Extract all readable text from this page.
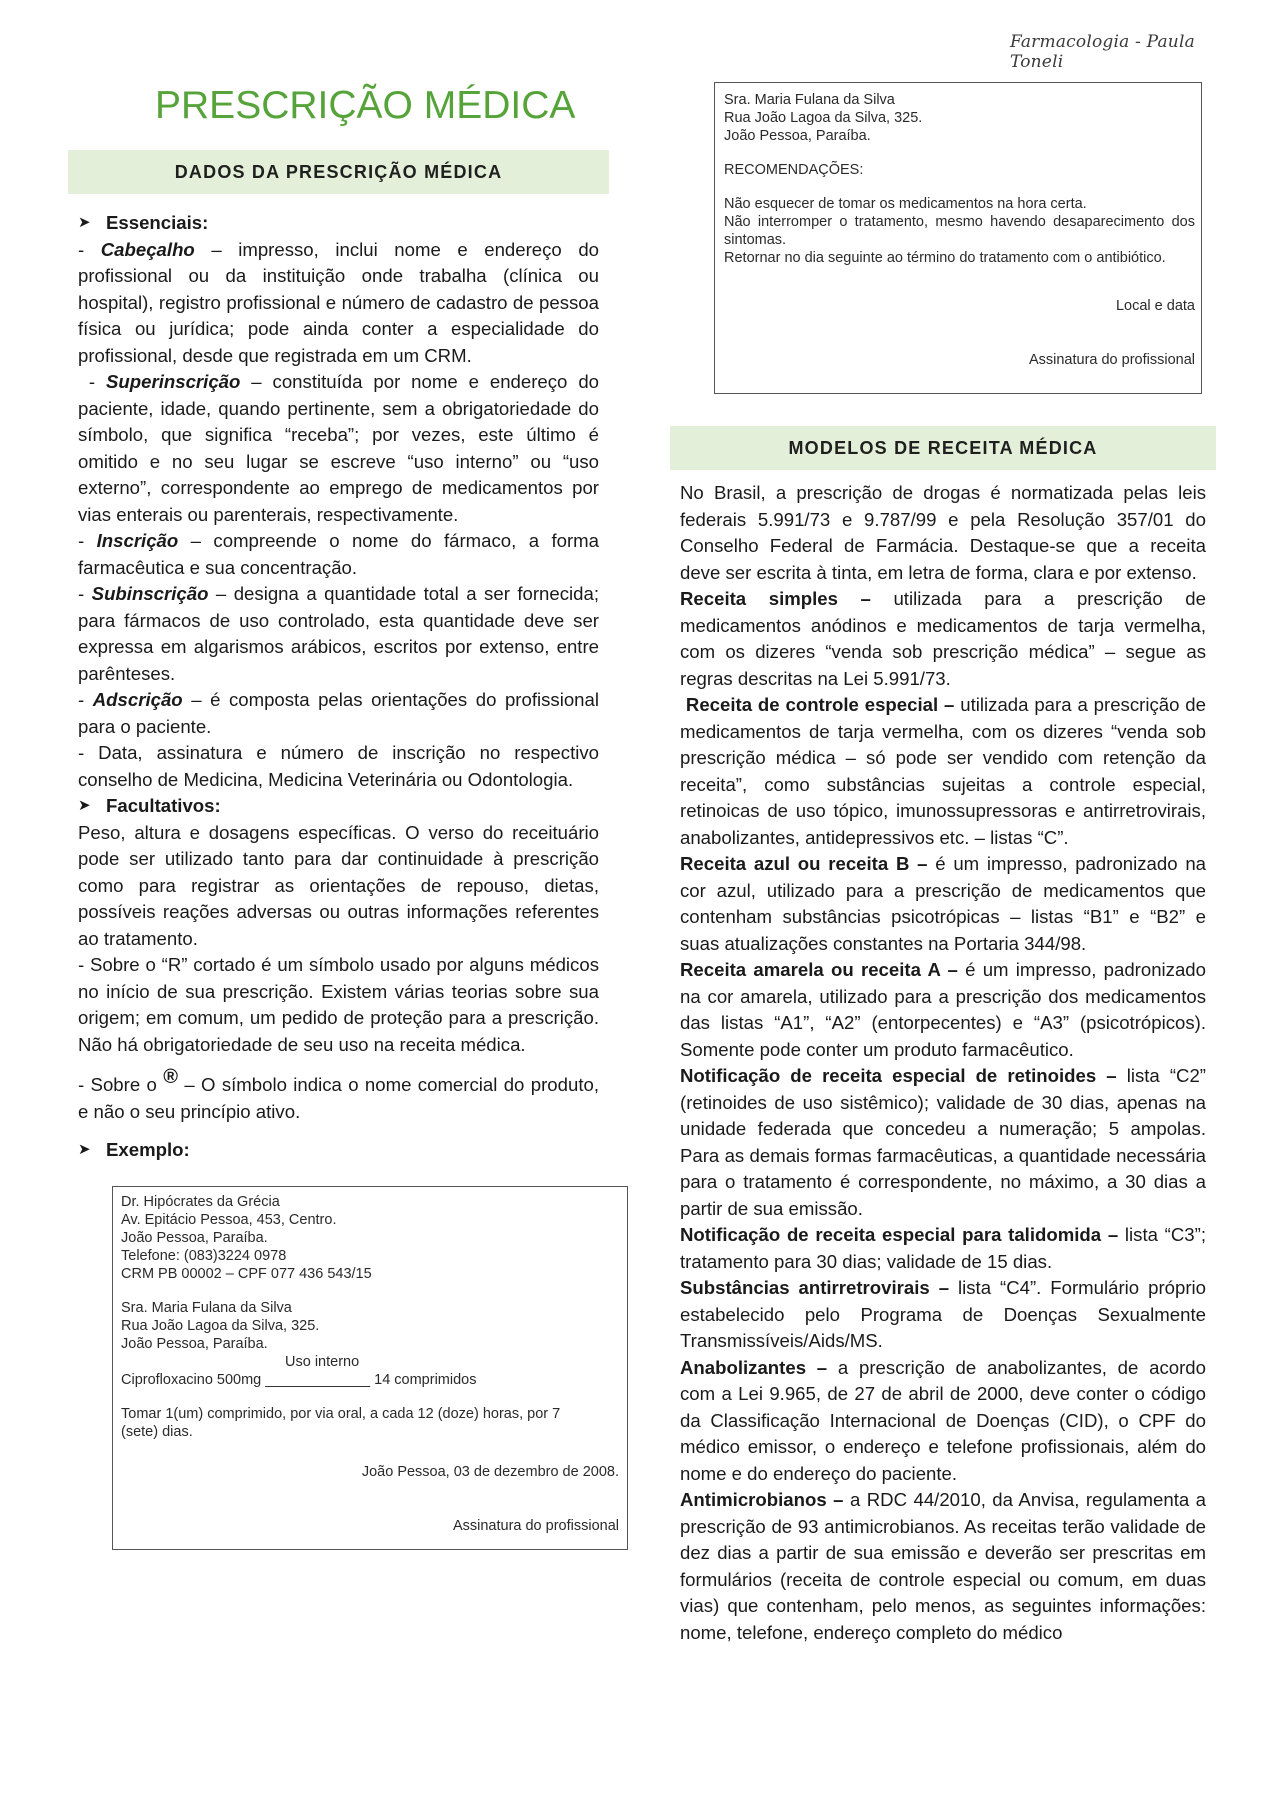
Farmacologia - Paula Toneli
PRESCRIÇÃO MÉDICA
DADOS DA PRESCRIÇÃO MÉDICA

➤ Essenciais:

- Cabeçalho – impresso, inclui nome e endereço do profissional ou da instituição onde trabalha (clínica ou hospital), registro profissional e número de cadastro de pessoa física ou jurídica; pode ainda conter a especialidade do profissional, desde que registrada em um CRM.

- Superinscrição – constituída por nome e endereço do paciente, idade, quando pertinente, sem a obrigatoriedade do símbolo, que significa “receba”; por vezes, este último é omitido e no seu lugar se escreve “uso interno” ou “uso externo”, correspondente ao emprego de medicamentos por vias enterais ou parenterais, respectivamente.

- Inscrição – compreende o nome do fármaco, a forma farmacêutica e sua concentração.

- Subinscrição – designa a quantidade total a ser fornecida; para fármacos de uso controlado, esta quantidade deve ser expressa em algarismos arábicos, escritos por extenso, entre parênteses.

- Adscrição – é composta pelas orientações do profissional para o paciente.

- Data, assinatura e número de inscrição no respectivo conselho de Medicina, Medicina Veterinária ou Odontologia.

➤ Facultativos:

Peso, altura e dosagens específicas. O verso do receituário pode ser utilizado tanto para dar continuidade à prescrição como para registrar as orientações de repouso, dietas, possíveis reações adversas ou outras informações referentes ao tratamento.

- Sobre o “R” cortado é um símbolo usado por alguns médicos no início de sua prescrição. Existem várias teorias sobre sua origem; em comum, um pedido de proteção para a prescrição. Não há obrigatoriedade de seu uso na receita médica.

- Sobre o ® – O símbolo indica o nome comercial do produto, e não o seu princípio ativo.

➤ Exemplo:

Dr. Hipócrates da Grécia

Av. Epitácio Pessoa, 453, Centro.

João Pessoa, Paraíba.

Telefone: (083)3224 0978

CRM PB 00002 – CPF 077 436 543/15

Sra. Maria Fulana da Silva

Rua João Lagoa da Silva, 325.

João Pessoa, Paraíba.

Uso interno

Ciprofloxacino 500mg _____________ 14 comprimidos

Tomar 1(um) comprimido, por via oral, a cada 12 (doze) horas, por 7 (sete) dias.

João Pessoa, 03 de dezembro de 2008.

Assinatura do profissional

Sra. Maria Fulana da Silva

Rua João Lagoa da Silva, 325.

João Pessoa, Paraíba.

RECOMENDAÇÕES:

Não esquecer de tomar os medicamentos na hora certa.

Não interromper o tratamento, mesmo havendo desaparecimento dos sintomas.

Retornar no dia seguinte ao término do tratamento com o antibiótico.

Local e data

Assinatura do profissional

MODELOS DE RECEITA MÉDICA

No Brasil, a prescrição de drogas é normatizada pelas leis federais 5.991/73 e 9.787/99 e pela Resolução 357/01 do Conselho Federal de Farmácia. Destaque-se que a receita deve ser escrita à tinta, em letra de forma, clara e por extenso.

Receita simples – utilizada para a prescrição de medicamentos anódinos e medicamentos de tarja vermelha, com os dizeres “venda sob prescrição médica” – segue as regras descritas na Lei 5.991/73.

Receita de controle especial – utilizada para a prescrição de medicamentos de tarja vermelha, com os dizeres “venda sob prescrição médica – só pode ser vendido com retenção da receita”, como substâncias sujeitas a controle especial, retinoicas de uso tópico, imunossupressoras e antirretrovirais, anabolizantes, antidepressivos etc. – listas “C”.

Receita azul ou receita B – é um impresso, padronizado na cor azul, utilizado para a prescrição de medicamentos que contenham substâncias psicotrópicas – listas “B1” e “B2” e suas atualizações constantes na Portaria 344/98.

Receita amarela ou receita A – é um impresso, padronizado na cor amarela, utilizado para a prescrição dos medicamentos das listas “A1”, “A2” (entorpecentes) e “A3” (psicotrópicos). Somente pode conter um produto farmacêutico.

Notificação de receita especial de retinoides – lista “C2” (retinoides de uso sistêmico); validade de 30 dias, apenas na unidade federada que concedeu a numeração; 5 ampolas. Para as demais formas farmacêuticas, a quantidade necessária para o tratamento é correspondente, no máximo, a 30 dias a partir de sua emissão.

Notificação de receita especial para talidomida – lista “C3”; tratamento para 30 dias; validade de 15 dias.

Substâncias antirretrovirais – lista “C4”. Formulário próprio estabelecido pelo Programa de Doenças Sexualmente Transmissíveis/Aids/MS.

Anabolizantes – a prescrição de anabolizantes, de acordo com a Lei 9.965, de 27 de abril de 2000, deve conter o código da Classificação Internacional de Doenças (CID), o CPF do médico emissor, o endereço e telefone profissionais, além do nome e do endereço do paciente.

Antimicrobianos – a RDC 44/2010, da Anvisa, regulamenta a prescrição de 93 antimicrobianos. As receitas terão validade de dez dias a partir de sua emissão e deverão ser prescritas em formulários (receita de controle especial ou comum, em duas vias) que contenham, pelo menos, as seguintes informações: nome, telefone, endereço completo do médico
